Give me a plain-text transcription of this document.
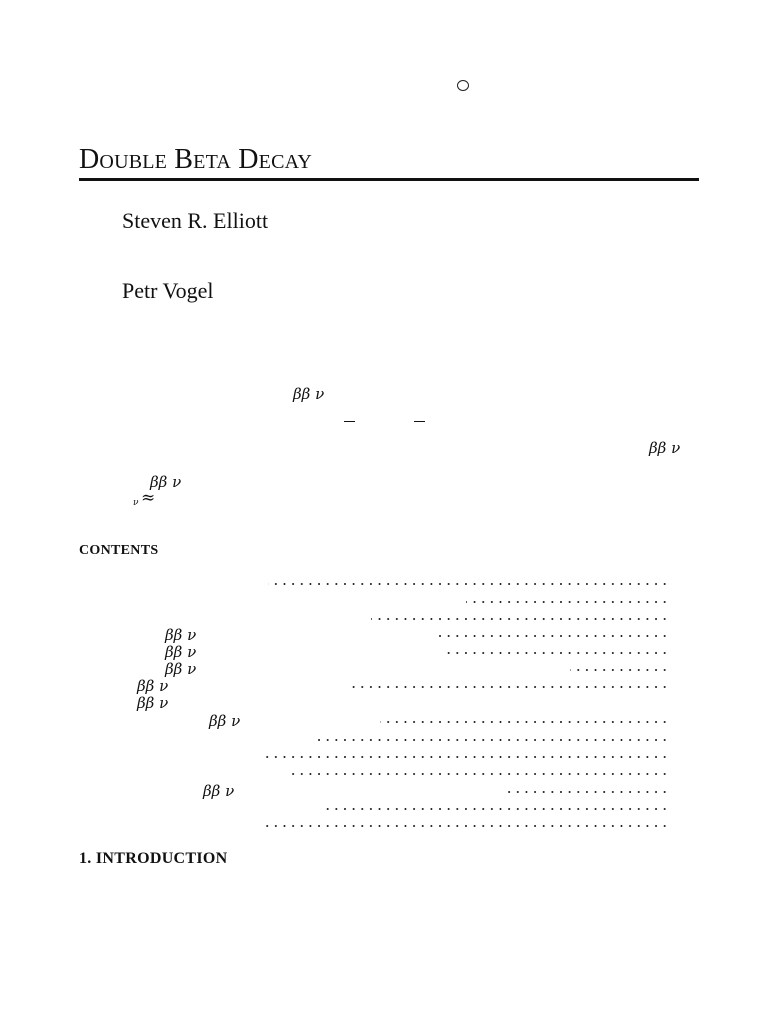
Double Beta Decay
Steven R. Elliott
Petr Vogel
ββ ν
ββ ν
ββ ν
ν ≈
CONTENTS
ββ ν
ββ ν
ββ ν
ββ ν
ββ ν
ββ ν
ββ ν
1. INTRODUCTION
